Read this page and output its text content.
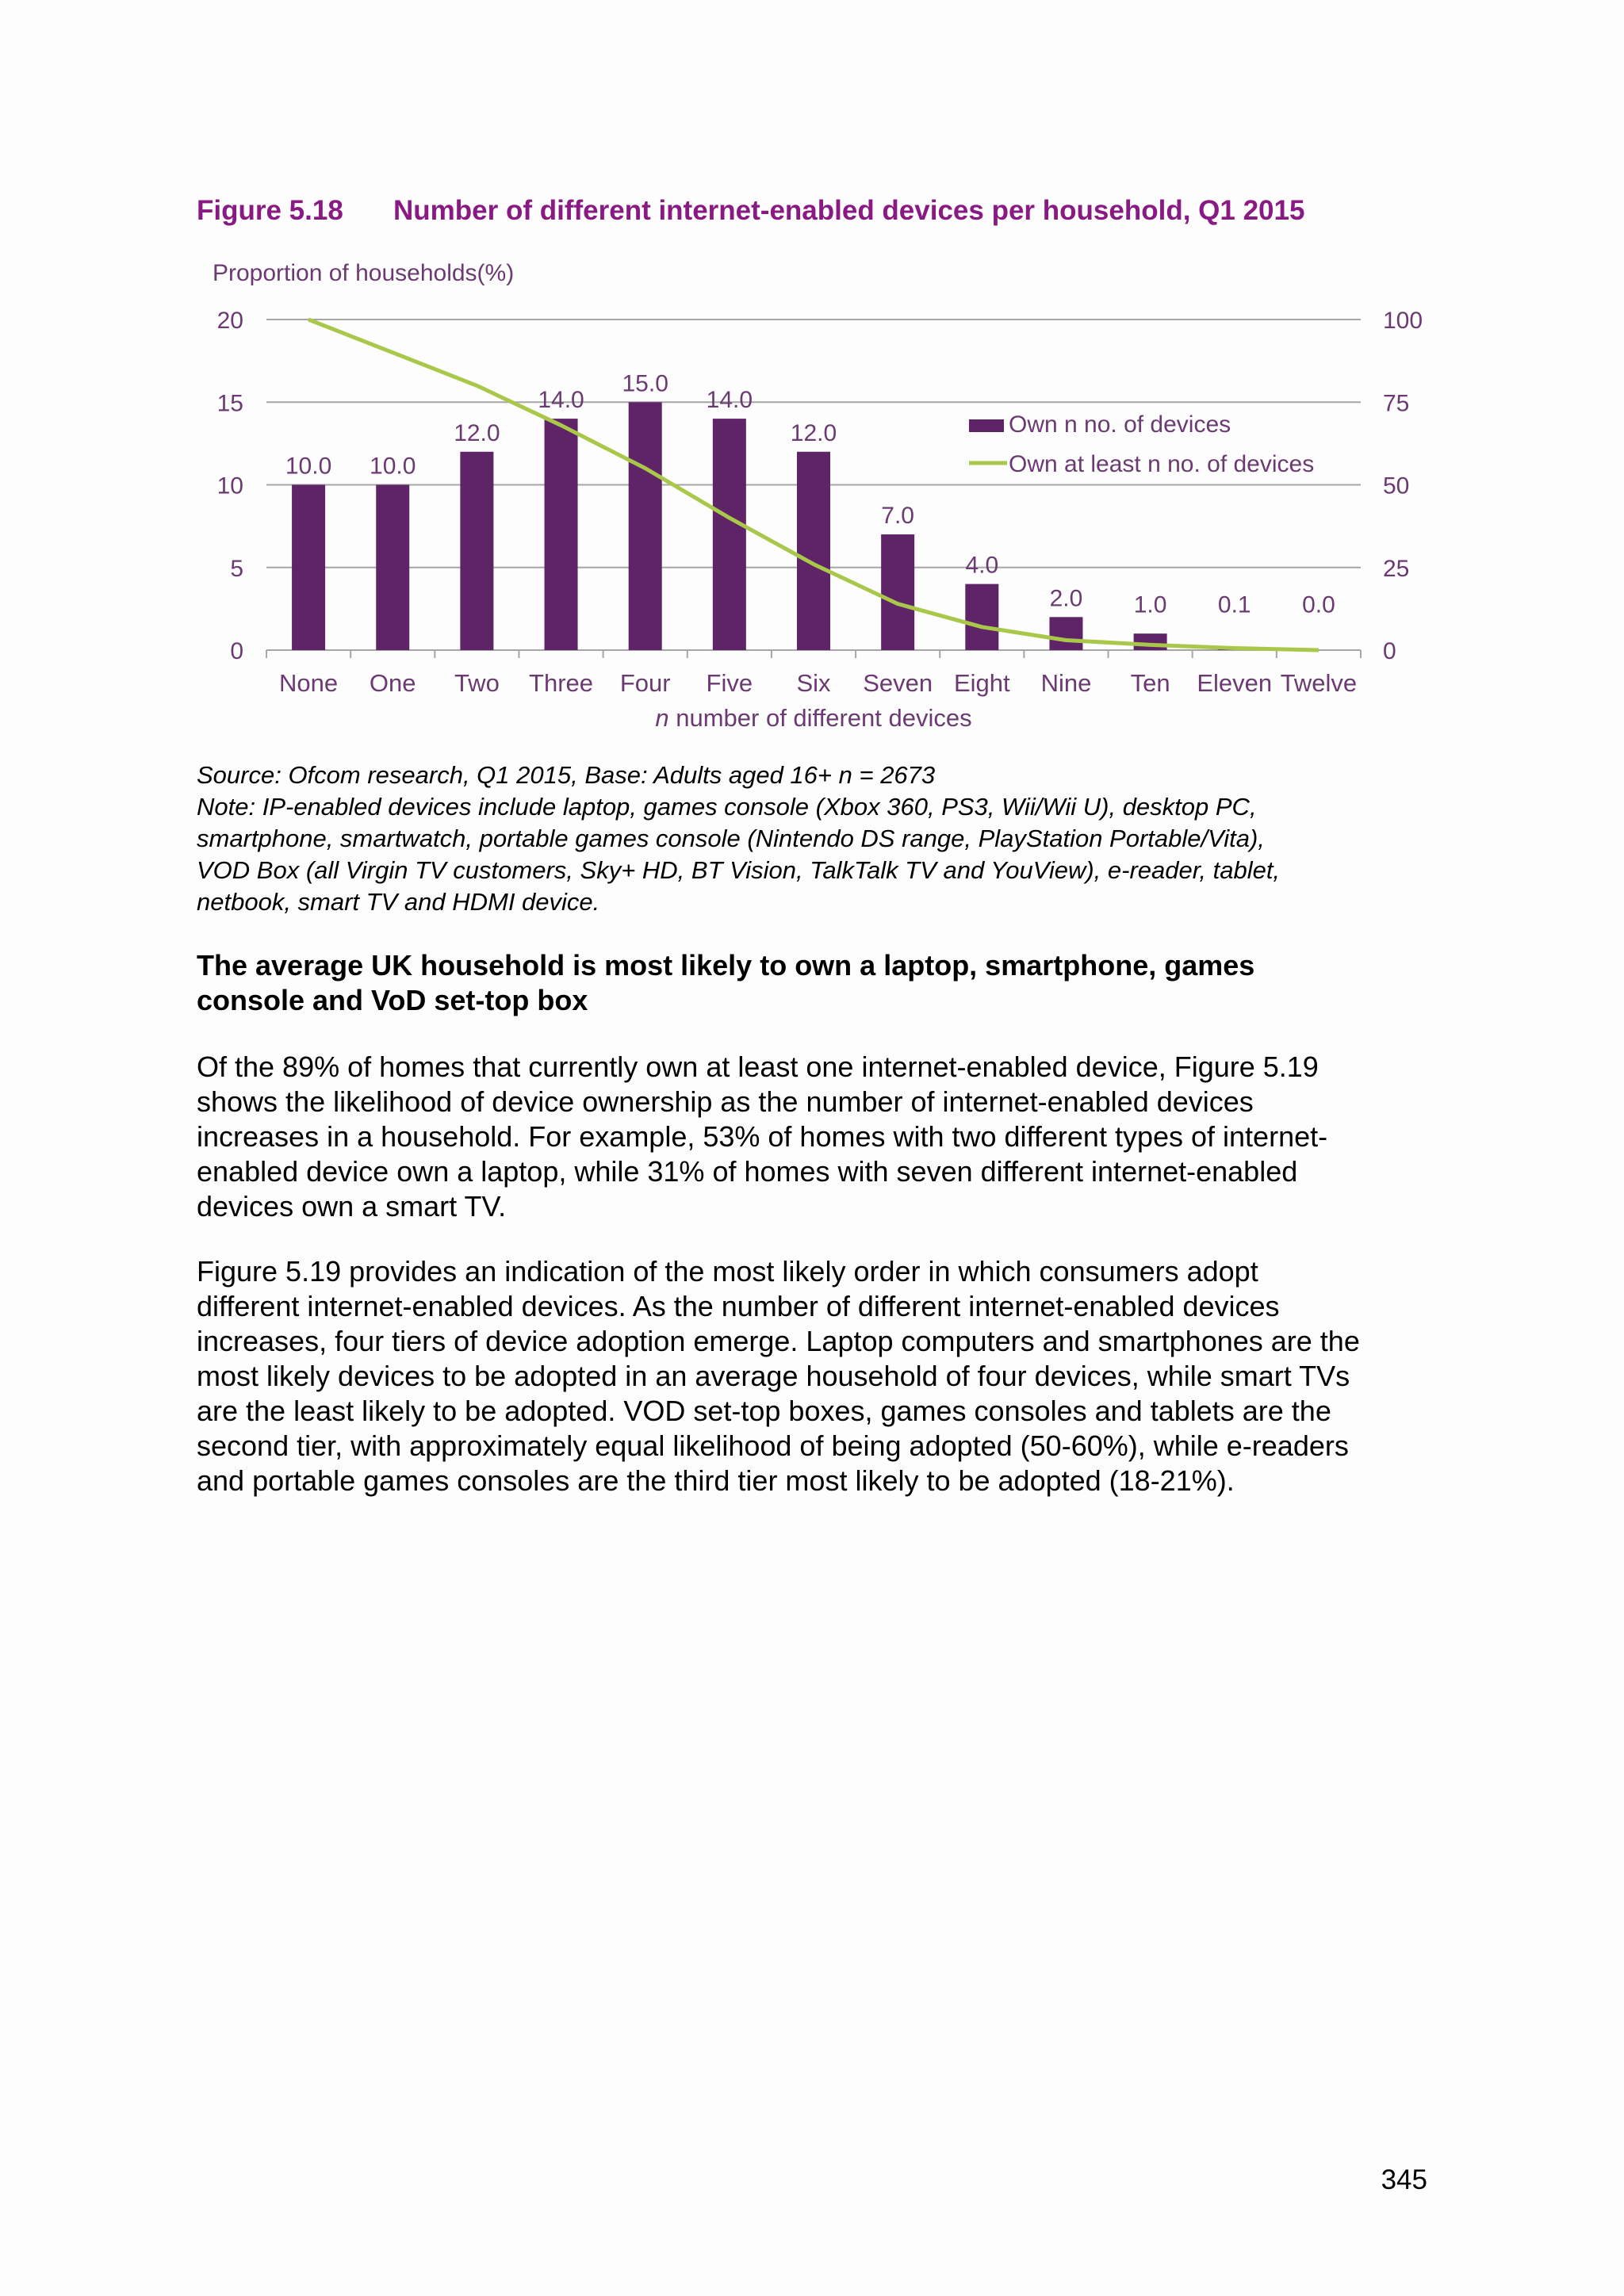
Figure 5.18 Number of different internet-enabled devices per household, Q1 2015
Proportion of households(%)
0
5
10
15
20
0
25
50
75
100
10.0 10.0
12.0
14.0
15.0
14.0
12.0
7.0
4.0
2.0 1.0 0.1 0.0
None One Two Three Four Five Six Seven Eight Nine Ten Eleven Twelve
n number of different devices
Own n no. of devices
Own at least n no. of devices
Source: Ofcom research, Q1 2015, Base: Adults aged 16+ n = 2673
Note: IP-enabled devices include laptop, games console (Xbox 360, PS3, Wii/Wii U), desktop PC,
smartphone, smartwatch, portable games console (Nintendo DS range, PlayStation Portable/Vita),
VOD Box (all Virgin TV customers, Sky+ HD, BT Vision, TalkTalk TV and YouView), e-reader, tablet,
netbook, smart TV and HDMI device.
The average UK household is most likely to own a laptop, smartphone, games
console and VoD set-top box
Of the 89% of homes that currently own at least one internet-enabled device, Figure 5.19
shows the likelihood of device ownership as the number of internet-enabled devices
increases in a household. For example, 53% of homes with two different types of internet-
enabled device own a laptop, while 31% of homes with seven different internet-enabled
devices own a smart TV.
Figure 5.19 provides an indication of the most likely order in which consumers adopt
different internet-enabled devices. As the number of different internet-enabled devices
increases, four tiers of device adoption emerge. Laptop computers and smartphones are the
most likely devices to be adopted in an average household of four devices, while smart TVs
are the least likely to be adopted. VOD set-top boxes, games consoles and tablets are the
second tier, with approximately equal likelihood of being adopted (50-60%), while e-readers
and portable games consoles are the third tier most likely to be adopted (18-21%).
345
